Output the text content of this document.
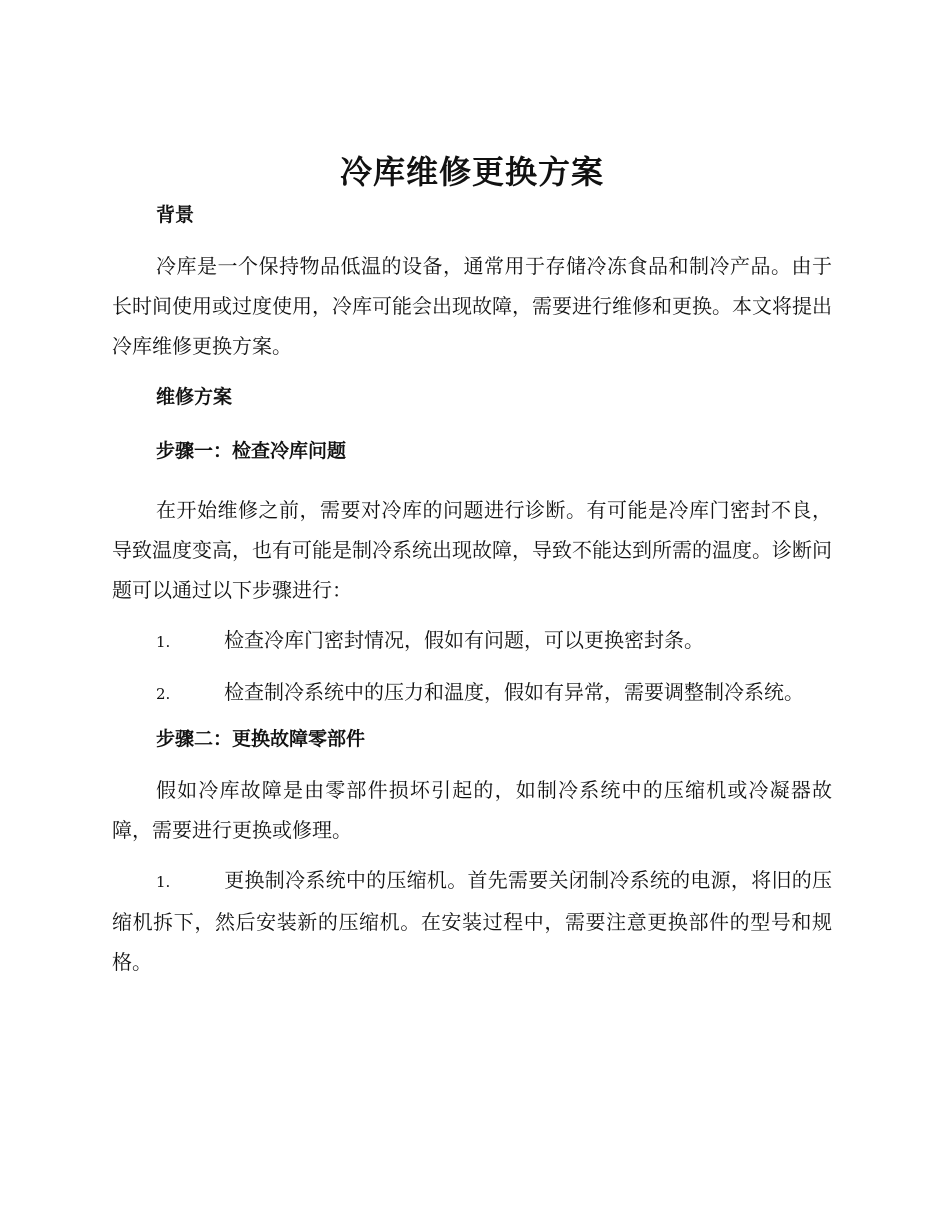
冷库维修更换方案

背景

冷库是一个保持物品低温的设备，通常用于存储冷冻食品和制冷产品。由于长时间使用或过度使用，冷库可能会出现故障，需要进行维修和更换。本文将提出冷库维修更换方案。

维修方案

步骤一：检查冷库问题

在开始维修之前，需要对冷库的问题进行诊断。有可能是冷库门密封不良，导致温度变高，也有可能是制冷系统出现故障，导致不能达到所需的温度。诊断问题可以通过以下步骤进行：

1.	检查冷库门密封情况，假如有问题，可以更换密封条。

2.	检查制冷系统中的压力和温度，假如有异常，需要调整制冷系统。

步骤二：更换故障零部件

假如冷库故障是由零部件损坏引起的，如制冷系统中的压缩机或冷凝器故障，需要进行更换或修理。

1.	更换制冷系统中的压缩机。首先需要关闭制冷系统的电源，将旧的压缩机拆下，然后安装新的压缩机。在安装过程中，需要注意更换部件的型号和规格。
